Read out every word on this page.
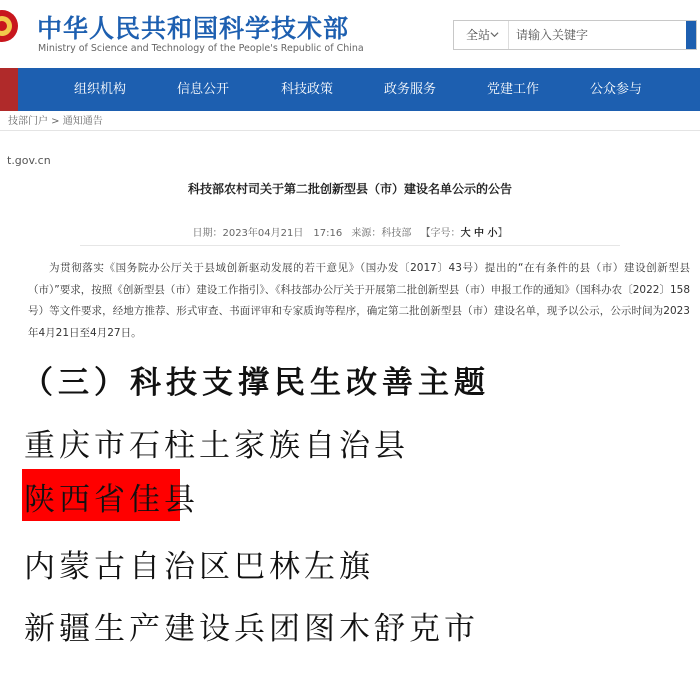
中华人民共和国科学技术部
Ministry of Science and Technology of the People's Republic of China
全站	请输入关键字
组织机构	信息公开	科技政策	政务服务	党建工作	公众参与
技部门户 > 通知通告
t.gov.cn
科技部农村司关于第二批创新型县（市）建设名单公示的公告
日期：2023年04月21日　17:16 来源：科技部 【字号：大 中 小】
为贯彻落实《国务院办公厅关于县域创新驱动发展的若干意见》（国办发〔2017〕43号）提出的“在有条件的县（市）建设创新型县（市）”要求，按照《创新型县（市）建设工作指引》、《科技部办公厅关于开展第二批创新型县（市）申报工作的通知》（国科办农〔2022〕158号）等文件要求，经地方推荐、形式审查、书面评审和专家质询等程序，确定第二批创新型县（市）建设名单，现予以公示，公示时间为2023年4月21日至4月27日。
（三）科技支撑民生改善主题
重庆市石柱土家族自治县
陕西省佳县
内蒙古自治区巴林左旗
新疆生产建设兵团图木舒克市
